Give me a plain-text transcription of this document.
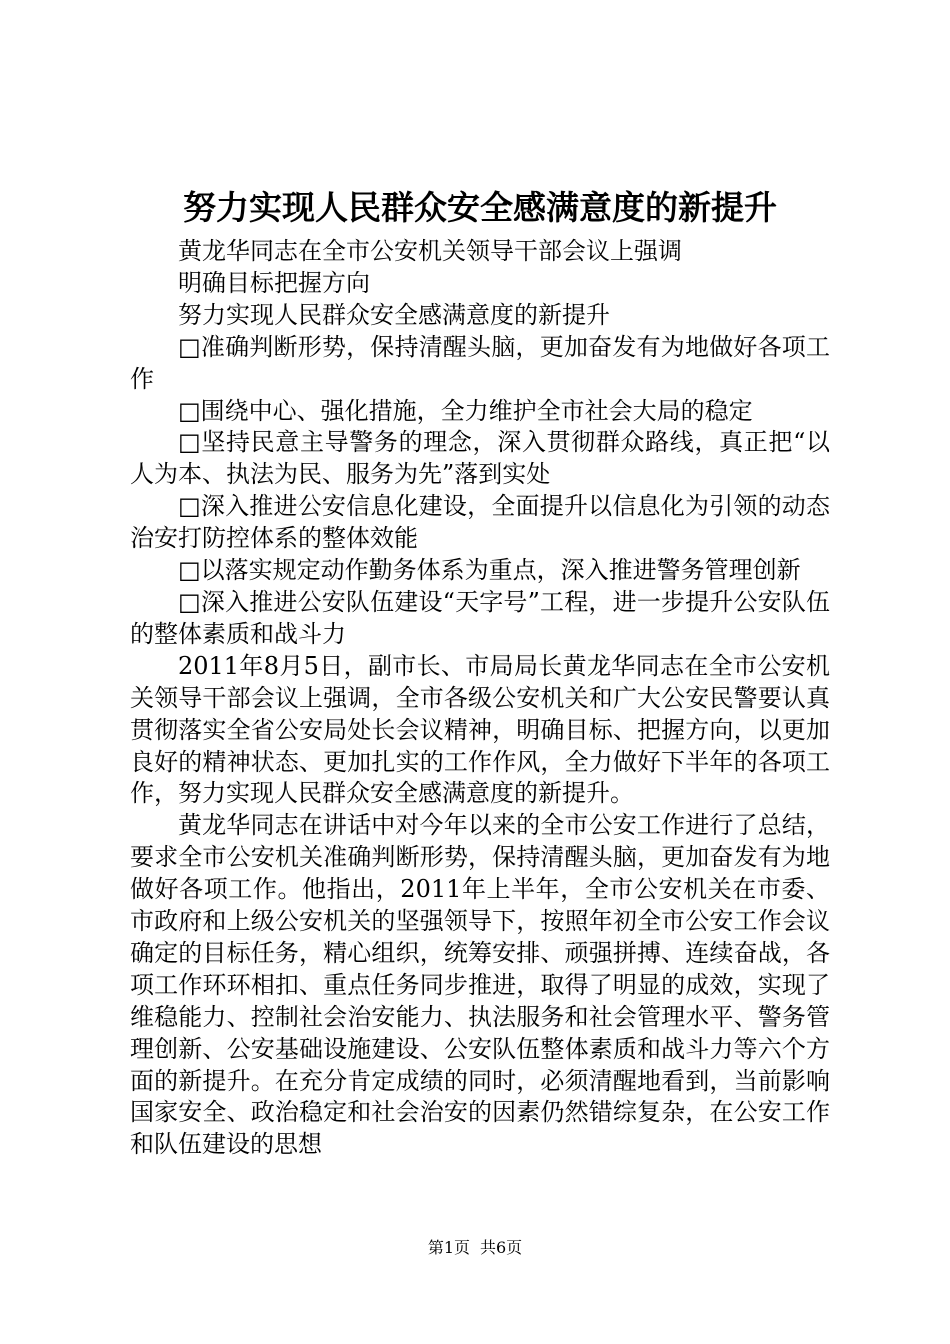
努力实现人民群众安全感满意度的新提升

黄龙华同志在全市公安机关领导干部会议上强调

明确目标把握方向

努力实现人民群众安全感满意度的新提升

□准确判断形势，保持清醒头脑，更加奋发有为地做好各项工作

□围绕中心、强化措施，全力维护全市社会大局的稳定

□坚持民意主导警务的理念，深入贯彻群众路线，真正把“以人为本、执法为民、服务为先”落到实处

□深入推进公安信息化建设，全面提升以信息化为引领的动态治安打防控体系的整体效能

□以落实规定动作勤务体系为重点，深入推进警务管理创新

□深入推进公安队伍建设“天字号”工程，进一步提升公安队伍的整体素质和战斗力

2011年8月5日，副市长、市局局长黄龙华同志在全市公安机关领导干部会议上强调，全市各级公安机关和广大公安民警要认真贯彻落实全省公安局处长会议精神，明确目标、把握方向，以更加良好的精神状态、更加扎实的工作作风，全力做好下半年的各项工作，努力实现人民群众安全感满意度的新提升。

黄龙华同志在讲话中对今年以来的全市公安工作进行了总结，要求全市公安机关准确判断形势，保持清醒头脑，更加奋发有为地做好各项工作。他指出，2011年上半年，全市公安机关在市委、市政府和上级公安机关的坚强领导下，按照年初全市公安工作会议确定的目标任务，精心组织，统筹安排、顽强拼搏、连续奋战，各项工作环环相扣、重点任务同步推进，取得了明显的成效，实现了维稳能力、控制社会治安能力、执法服务和社会管理水平、警务管理创新、公安基础设施建设、公安队伍整体素质和战斗力等六个方面的新提升。在充分肯定成绩的同时，必须清醒地看到，当前影响国家安全、政治稳定和社会治安的因素仍然错综复杂，在公安工作和队伍建设的思想

第1页 共6页
